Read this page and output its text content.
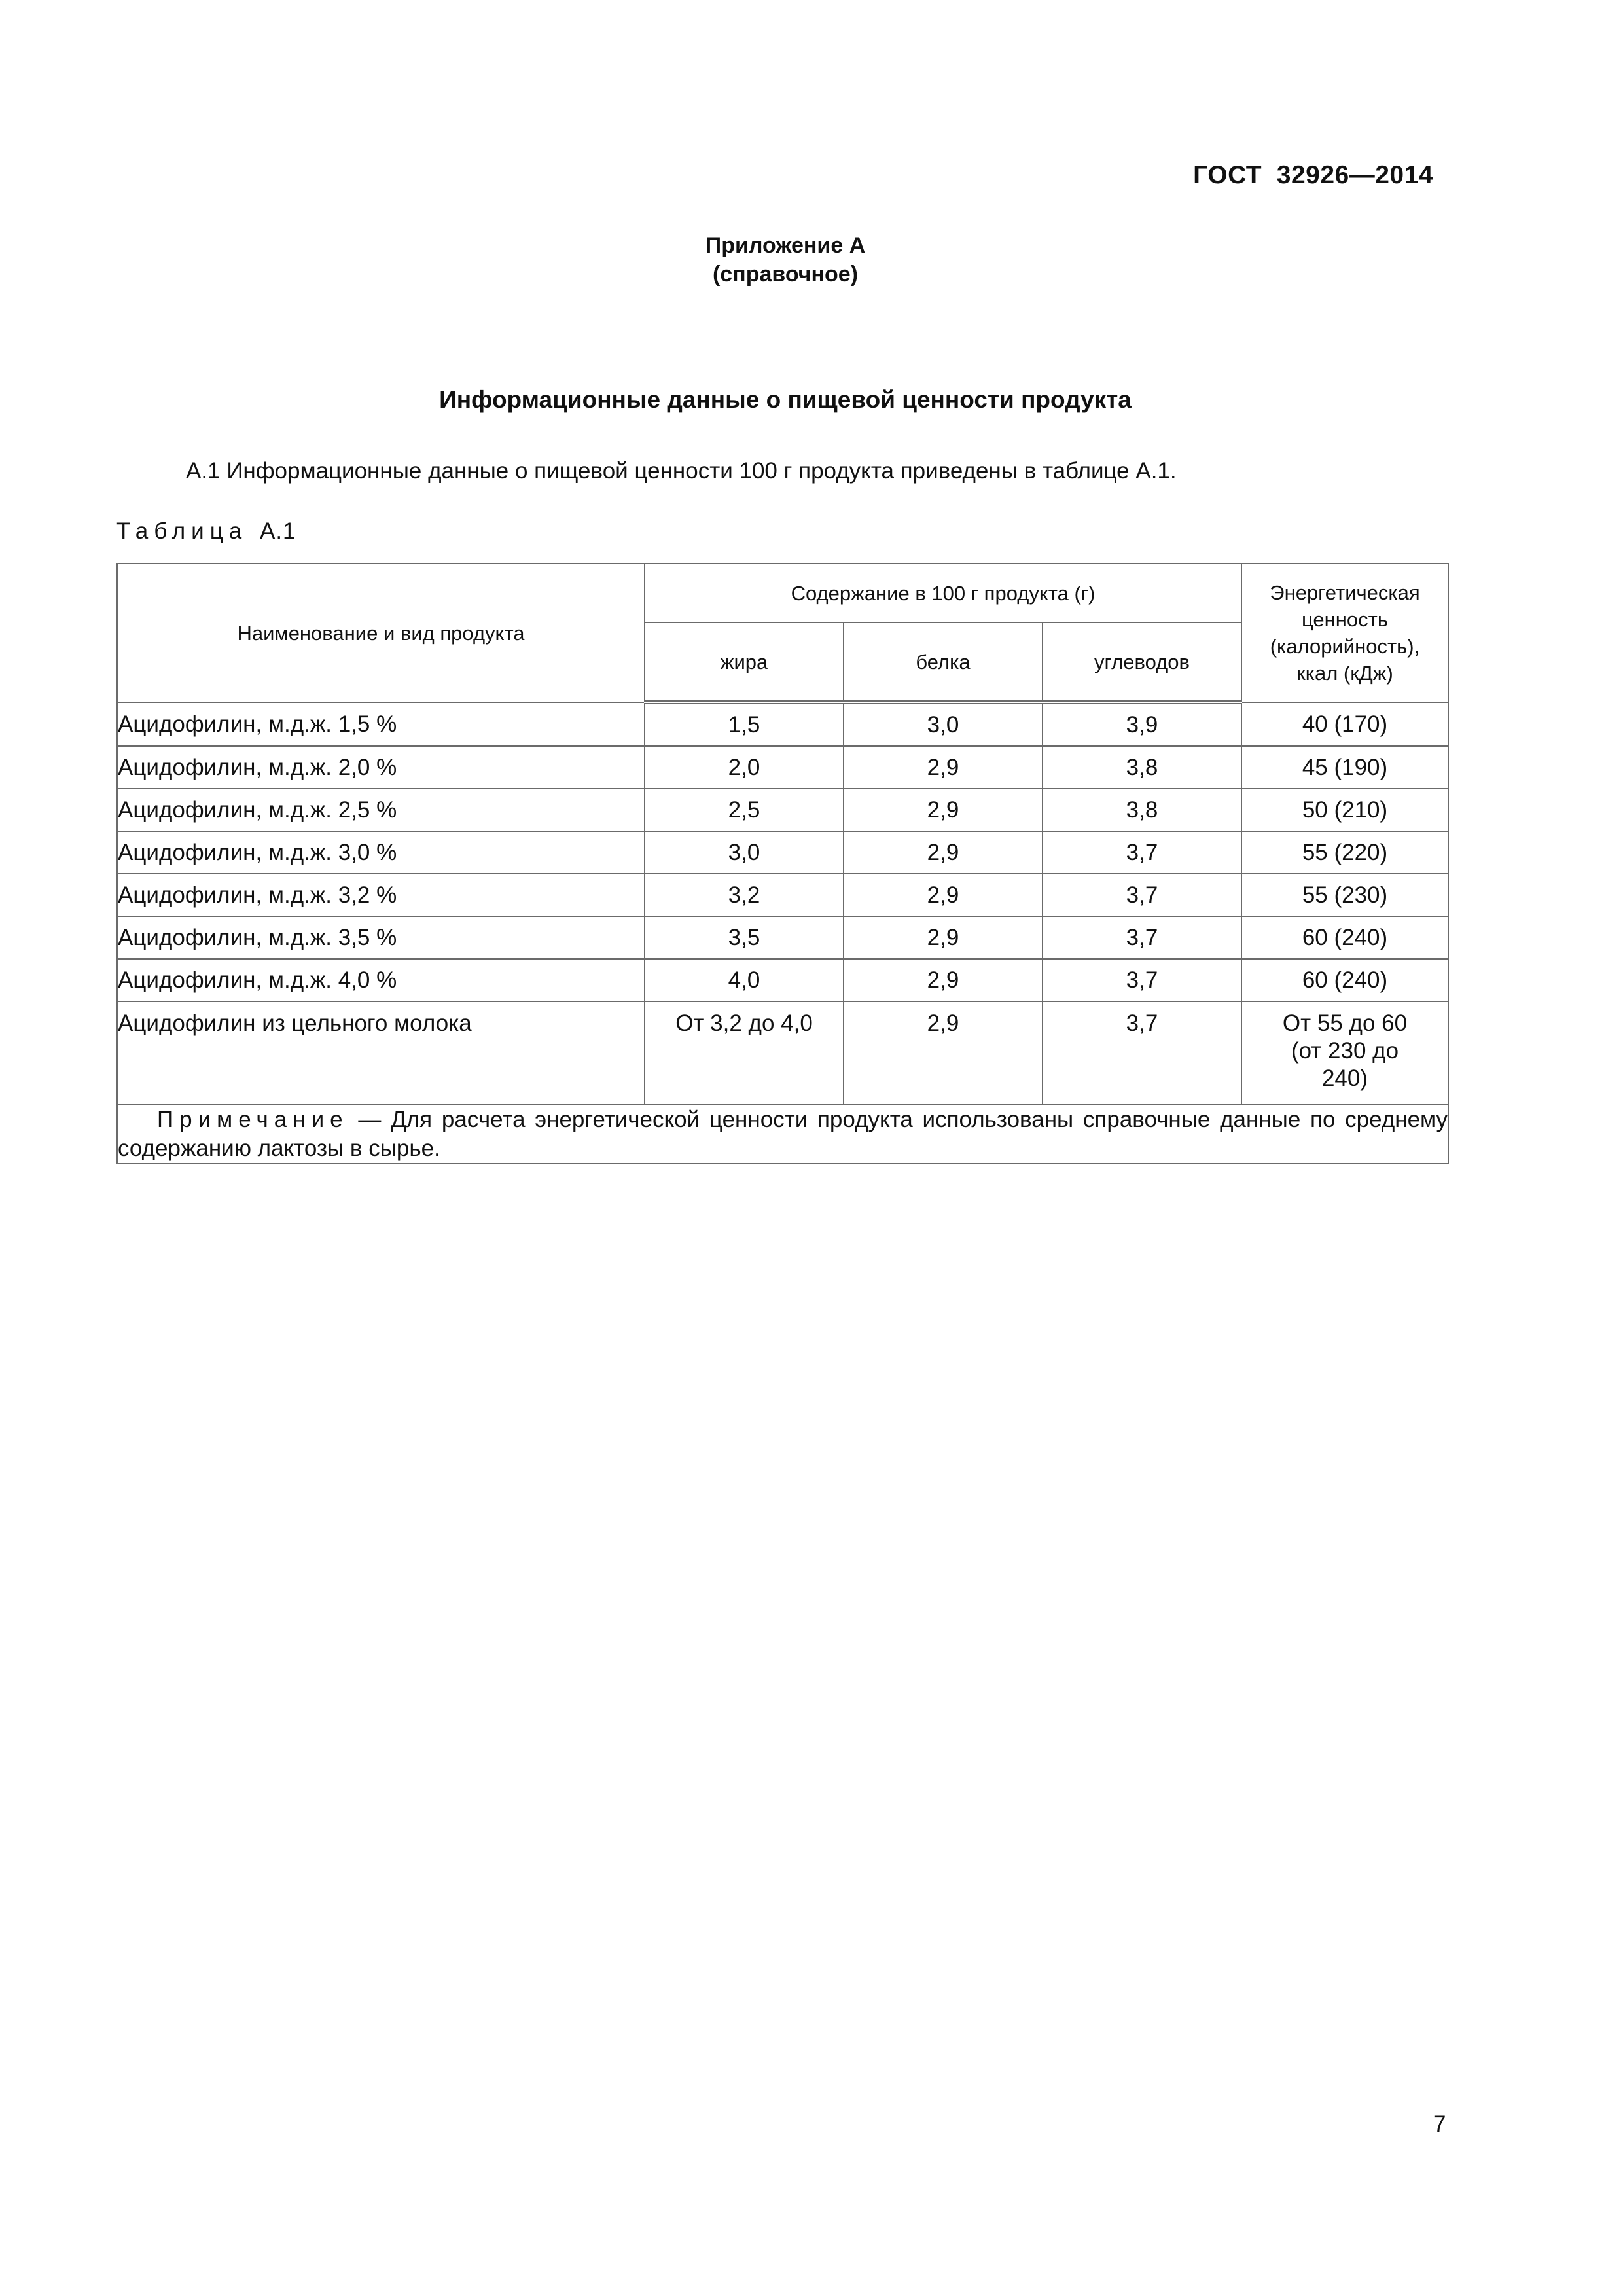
ГОСТ  32926—2014
Приложение А
(справочное)
Информационные данные о пищевой ценности продукта
А.1 Информационные данные о пищевой ценности 100 г продукта приведены в таблице А.1.
Таблица А.1
Наименование и вид продукта	Содержание в 100 г продукта (г)			Энергетическая
ценность
(калорийность),
ккал (кДж)

	жира	белка	углеводов	
Ацидофилин, м.д.ж. 1,5 %	1,5	3,0	3,9	40 (170)
Ацидофилин, м.д.ж. 2,0 %	2,0	2,9	3,8	45 (190)
Ацидофилин, м.д.ж. 2,5 %	2,5	2,9	3,8	50 (210)
Ацидофилин, м.д.ж. 3,0 %	3,0	2,9	3,7	55 (220)
Ацидофилин, м.д.ж. 3,2 %	3,2	2,9	3,7	55 (230)
Ацидофилин, м.д.ж. 3,5 %	3,5	2,9	3,7	60 (240)
Ацидофилин, м.д.ж. 4,0 %	4,0	2,9	3,7	60 (240)
Ацидофилин из цельного молока	От 3,2 до 4,0	2,9	3,7	От 55 до 60
(от 230 до
240)

Примечание — Для расчета энергетической ценности продукта использованы справочные данные по среднему содержанию лактозы в сырье.				
7
